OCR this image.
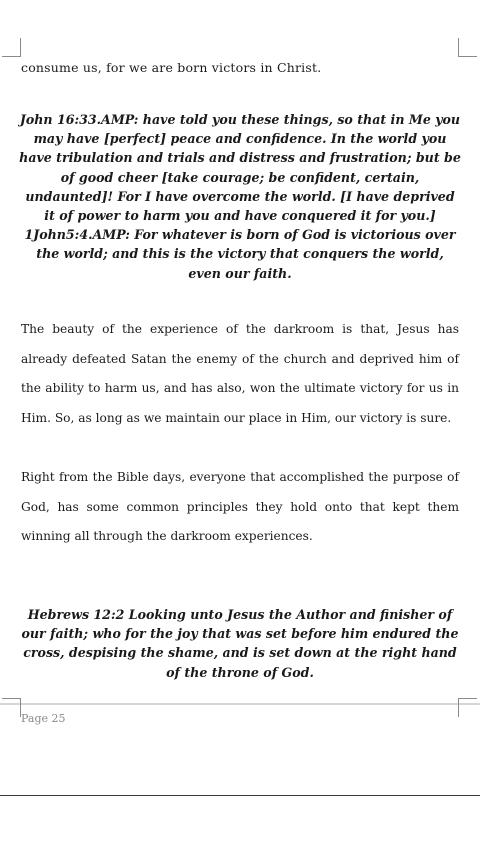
consume us, for we are born victors in Christ.
John 16:33.AMP: have told you these things, so that in Me you may have [perfect] peace and confidence. In the world you have tribulation and trials and distress and frustration; but be of good cheer [take courage; be confident, certain, undaunted]! For I have overcome the world. [I have deprived it of power to harm you and have conquered it for you.] 1John5:4.AMP: For whatever is born of God is victorious over the world; and this is the victory that conquers the world, even our faith.
The beauty of the experience of the darkroom is that, Jesus has already defeated Satan the enemy of the church and deprived him of the ability to harm us, and has also, won the ultimate victory for us in Him. So, as long as we maintain our place in Him, our victory is sure.
Right from the Bible days, everyone that accomplished the purpose of God, has some common principles they hold onto that kept them winning all through the darkroom experiences.
Hebrews 12:2 Looking unto Jesus the Author and finisher of our faith; who for the joy that was set before him endured the cross, despising the shame, and is set down at the right hand of the throne of God.
Page 25
